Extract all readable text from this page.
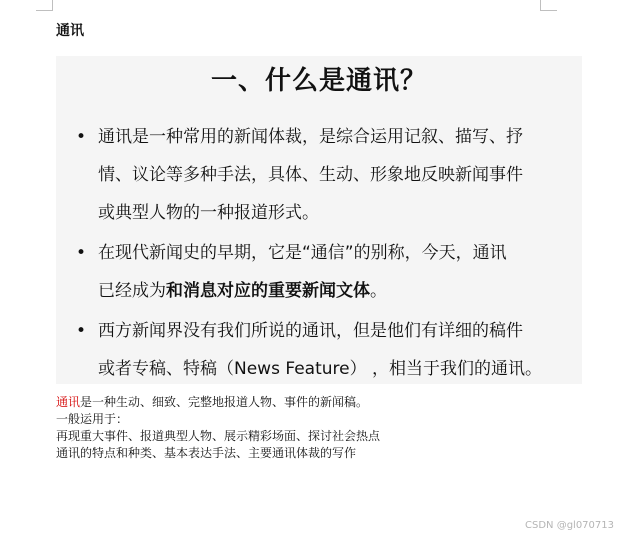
通讯
一、什么是通讯？
• 通讯是一种常用的新闻体裁，是综合运用记叙、描写、抒
情、议论等多种手法，具体、生动、形象地反映新闻事件
或典型人物的一种报道形式。
• 在现代新闻史的早期，它是“通信”的别称，今天，通讯
已经成为和消息对应的重要新闻文体。
• 西方新闻界没有我们所说的通讯，但是他们有详细的稿件
或者专稿、特稿（News Feature） ，相当于我们的通讯。
通讯是一种生动、细致、完整地报道人物、事件的新闻稿。
一般运用于：
再现重大事件、报道典型人物、展示精彩场面、探讨社会热点
通讯的特点和种类、基本表达手法、主要通讯体裁的写作
CSDN @gl070713
